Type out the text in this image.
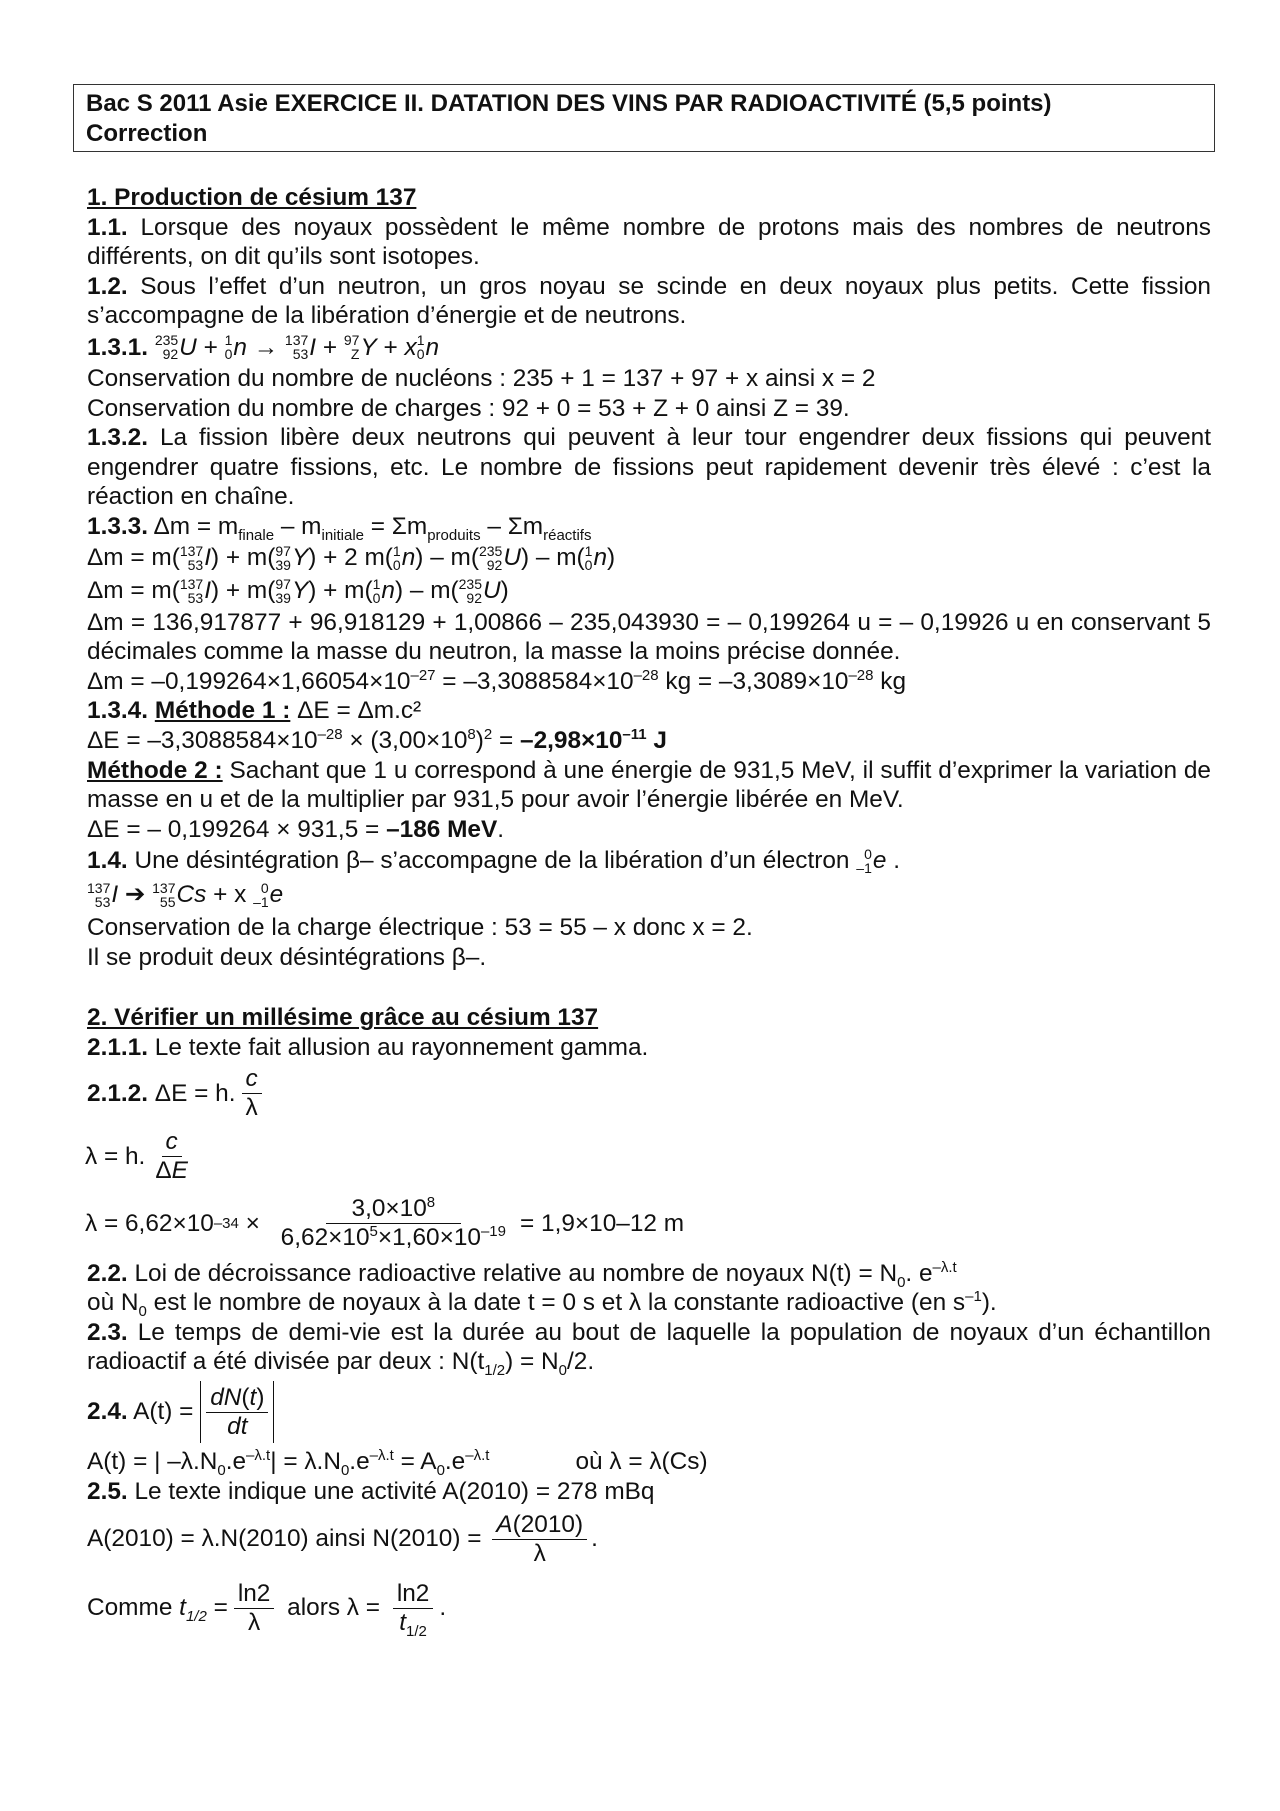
Bac S 2011 Asie EXERCICE II. DATATION DES VINS PAR RADIOACTIVITÉ (5,5 points)
Correction
1. Production de césium 137
1.1. Lorsque des noyaux possèdent le même nombre de protons mais des nombres de neutrons différents, on dit qu’ils sont isotopes.
1.2. Sous l’effet d’un neutron, un gros noyau se scinde en deux noyaux plus petits. Cette fission s’accompagne de la libération d’énergie et de neutrons.
1.3.1.
235
92 U + 1
0 n → 137
53 I + 97
Z Y + x 1
0 n
Conservation du nombre de nucléons : 235 + 1 = 137 + 97 + x ainsi x = 2
Conservation du nombre de charges : 92 + 0 = 53 + Z + 0 ainsi Z = 39.
1.3.2. La fission libère deux neutrons qui peuvent à leur tour engendrer deux fissions qui peuvent engendrer quatre fissions, etc. Le nombre de fissions peut rapidement devenir très élevé : c’est la réaction en chaîne.
1.3.3. $\Delta m = m_{finale} - m_{initiale} = \Sigma m_{produits} - \Sigma m_{réactifs}$
Δm = m( 137
53 I ) + m( 97
39 Y ) + 2 m( 1
0 n ) – m( 235
92 U ) – m( 1
0 n )
Δm = m( 137
53 I ) + m( 97
39 Y ) + m( 1
0 n ) – m( 235
92 U )
Δm = 136,917877 + 96,918129 + 1,00866 – 235,043930 = – 0,199264 u = – 0,19926 u en conservant 5 décimales comme la masse du neutron, la masse la moins précise donnée.
$\Delta m = -0,199264\times 1,66054\times 10^{-27} = -3,3088584\times 10^{-28}$ kg = $-3,3089\times 10^{-28}$ kg
1.3.4. Méthode 1 : ΔE = Δm.c²
$\Delta E = -3,3088584\times 10^{-28} \times (3,00\times 10^8)^2 = -2,98\times 10^{-11}$ J
Méthode 2 : Sachant que 1 u correspond à une énergie de 931,5 MeV, il suffit d’exprimer la variation de masse en u et de la multiplier par 931,5 pour avoir l’énergie libérée en MeV.
ΔE = – 0,199264 × 931,5 = –186 MeV.
1.4. Une désintégration β– s’accompagne de la libération d’un électron 0
–1 e .
137
53 I ➔ 137
55 Cs + x 0
–1 e
Conservation de la charge électrique : 53 = 55 – x donc x = 2.
Il se produit deux désintégrations β–.
2. Vérifier un millésime grâce au césium 137
2.1.1. Le texte fait allusion au rayonnement gamma.
2.1.2. ΔE = h. $\frac{c}{\lambda}$
λ = h. $\frac{c}{\Delta E}$
λ = 6,62×10 $-34 \times \frac{3,0\times 10^8}{6,62\times 10^5\times 1,60\times 10^{-19}} = 1,9\times 10-12$ m
2.2. Loi de décroissance radioactive relative au nombre de noyaux $N(t) = N_0$. $e^{-\lambda.t}$
où $N_0$ est le nombre de noyaux à la date t = 0 s et λ la constante radioactive (en $s^{-1}$).
2.3. Le temps de demi-vie est la durée au bout de laquelle la population de noyaux d’un échantillon radioactif a été divisée par deux : $N(t_{1/2}) = N_0/2$.
2.4. $A(t) = \frac{dN(t)}{dt}$
A(t) = | $-\lambda.N_0.e^{-\lambda.t}| = \lambda.N_0.e^{-\lambda.t} = A_0.e^{-\lambda.t}$	où λ = λ(Cs)
2.5. Le texte indique une activité A(2010) = 278 mBq
A(2010) = λ.N(2010) ainsi $N(2010) = \frac{A(2010)}{\lambda}$ .
Comme $t_{1/2} = \frac{\ln 2}{\lambda}$ alors $\lambda = \frac{\ln 2}{t_{1/2}}$ .
